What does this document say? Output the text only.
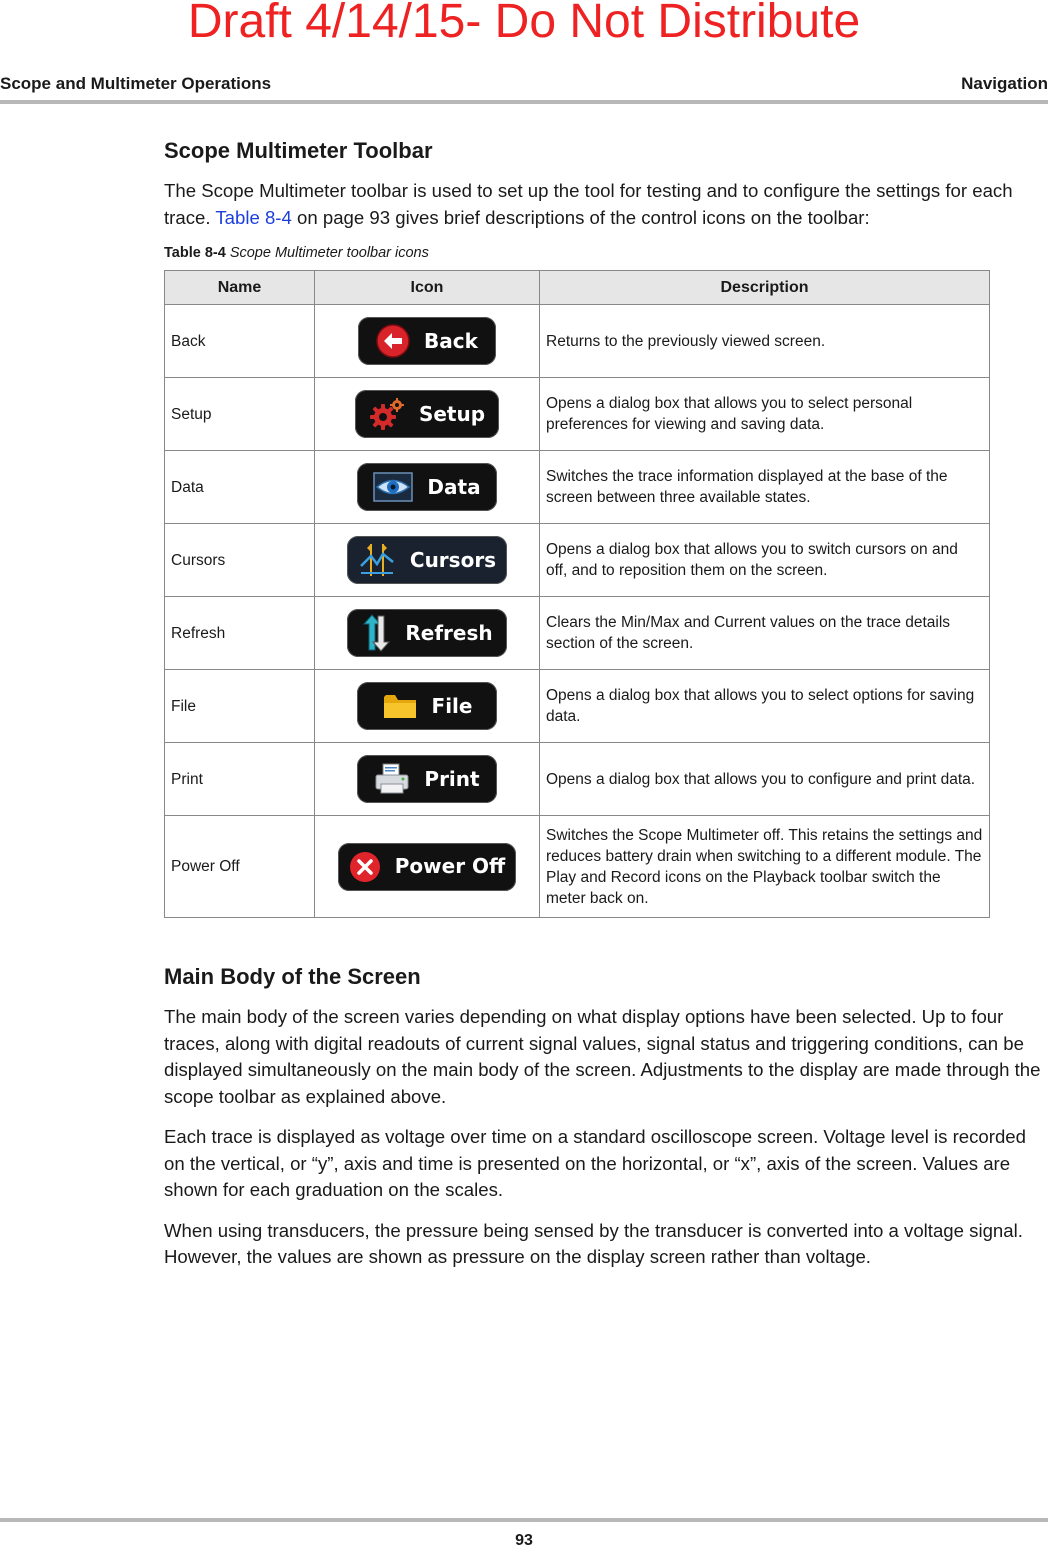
Draft 4/14/15- Do Not Distribute
Scope and Multimeter Operations	Navigation
Scope Multimeter Toolbar

The Scope Multimeter toolbar is used to set up the tool for testing and to configure the settings for each trace. Table 8-4 on page 93 gives brief descriptions of the control icons on the toolbar:

Table 8-4 Scope Multimeter toolbar icons
Name	Icon	Description
Back	Back	Returns to the previously viewed screen.
Setup	Setup	Opens a dialog box that allows you to select personal preferences for viewing and saving data.
Data	Data	Switches the trace information displayed at the base of the screen between three available states.
Cursors	Cursors	Opens a dialog box that allows you to switch cursors on and off, and to reposition them on the screen.
Refresh	Refresh	Clears the Min/Max and Current values on the trace details section of the screen.
File	File	Opens a dialog box that allows you to select options for saving data.
Print	Print	Opens a dialog box that allows you to configure and print data.
Power Off	Power Off	Switches the Scope Multimeter off. This retains the settings and reduces battery drain when switching to a different module. The Play and Record icons on the Playback toolbar switch the meter back on.
Main Body of the Screen

The main body of the screen varies depending on what display options have been selected. Up to four traces, along with digital readouts of current signal values, signal status and triggering conditions, can be displayed simultaneously on the main body of the screen. Adjustments to the display are made through the scope toolbar as explained above.

Each trace is displayed as voltage over time on a standard oscilloscope screen. Voltage level is recorded on the vertical, or “y”, axis and time is presented on the horizontal, or “x”, axis of the screen. Values are shown for each graduation on the scales.

When using transducers, the pressure being sensed by the transducer is converted into a voltage signal. However, the values are shown as pressure on the display screen rather than voltage.

93
